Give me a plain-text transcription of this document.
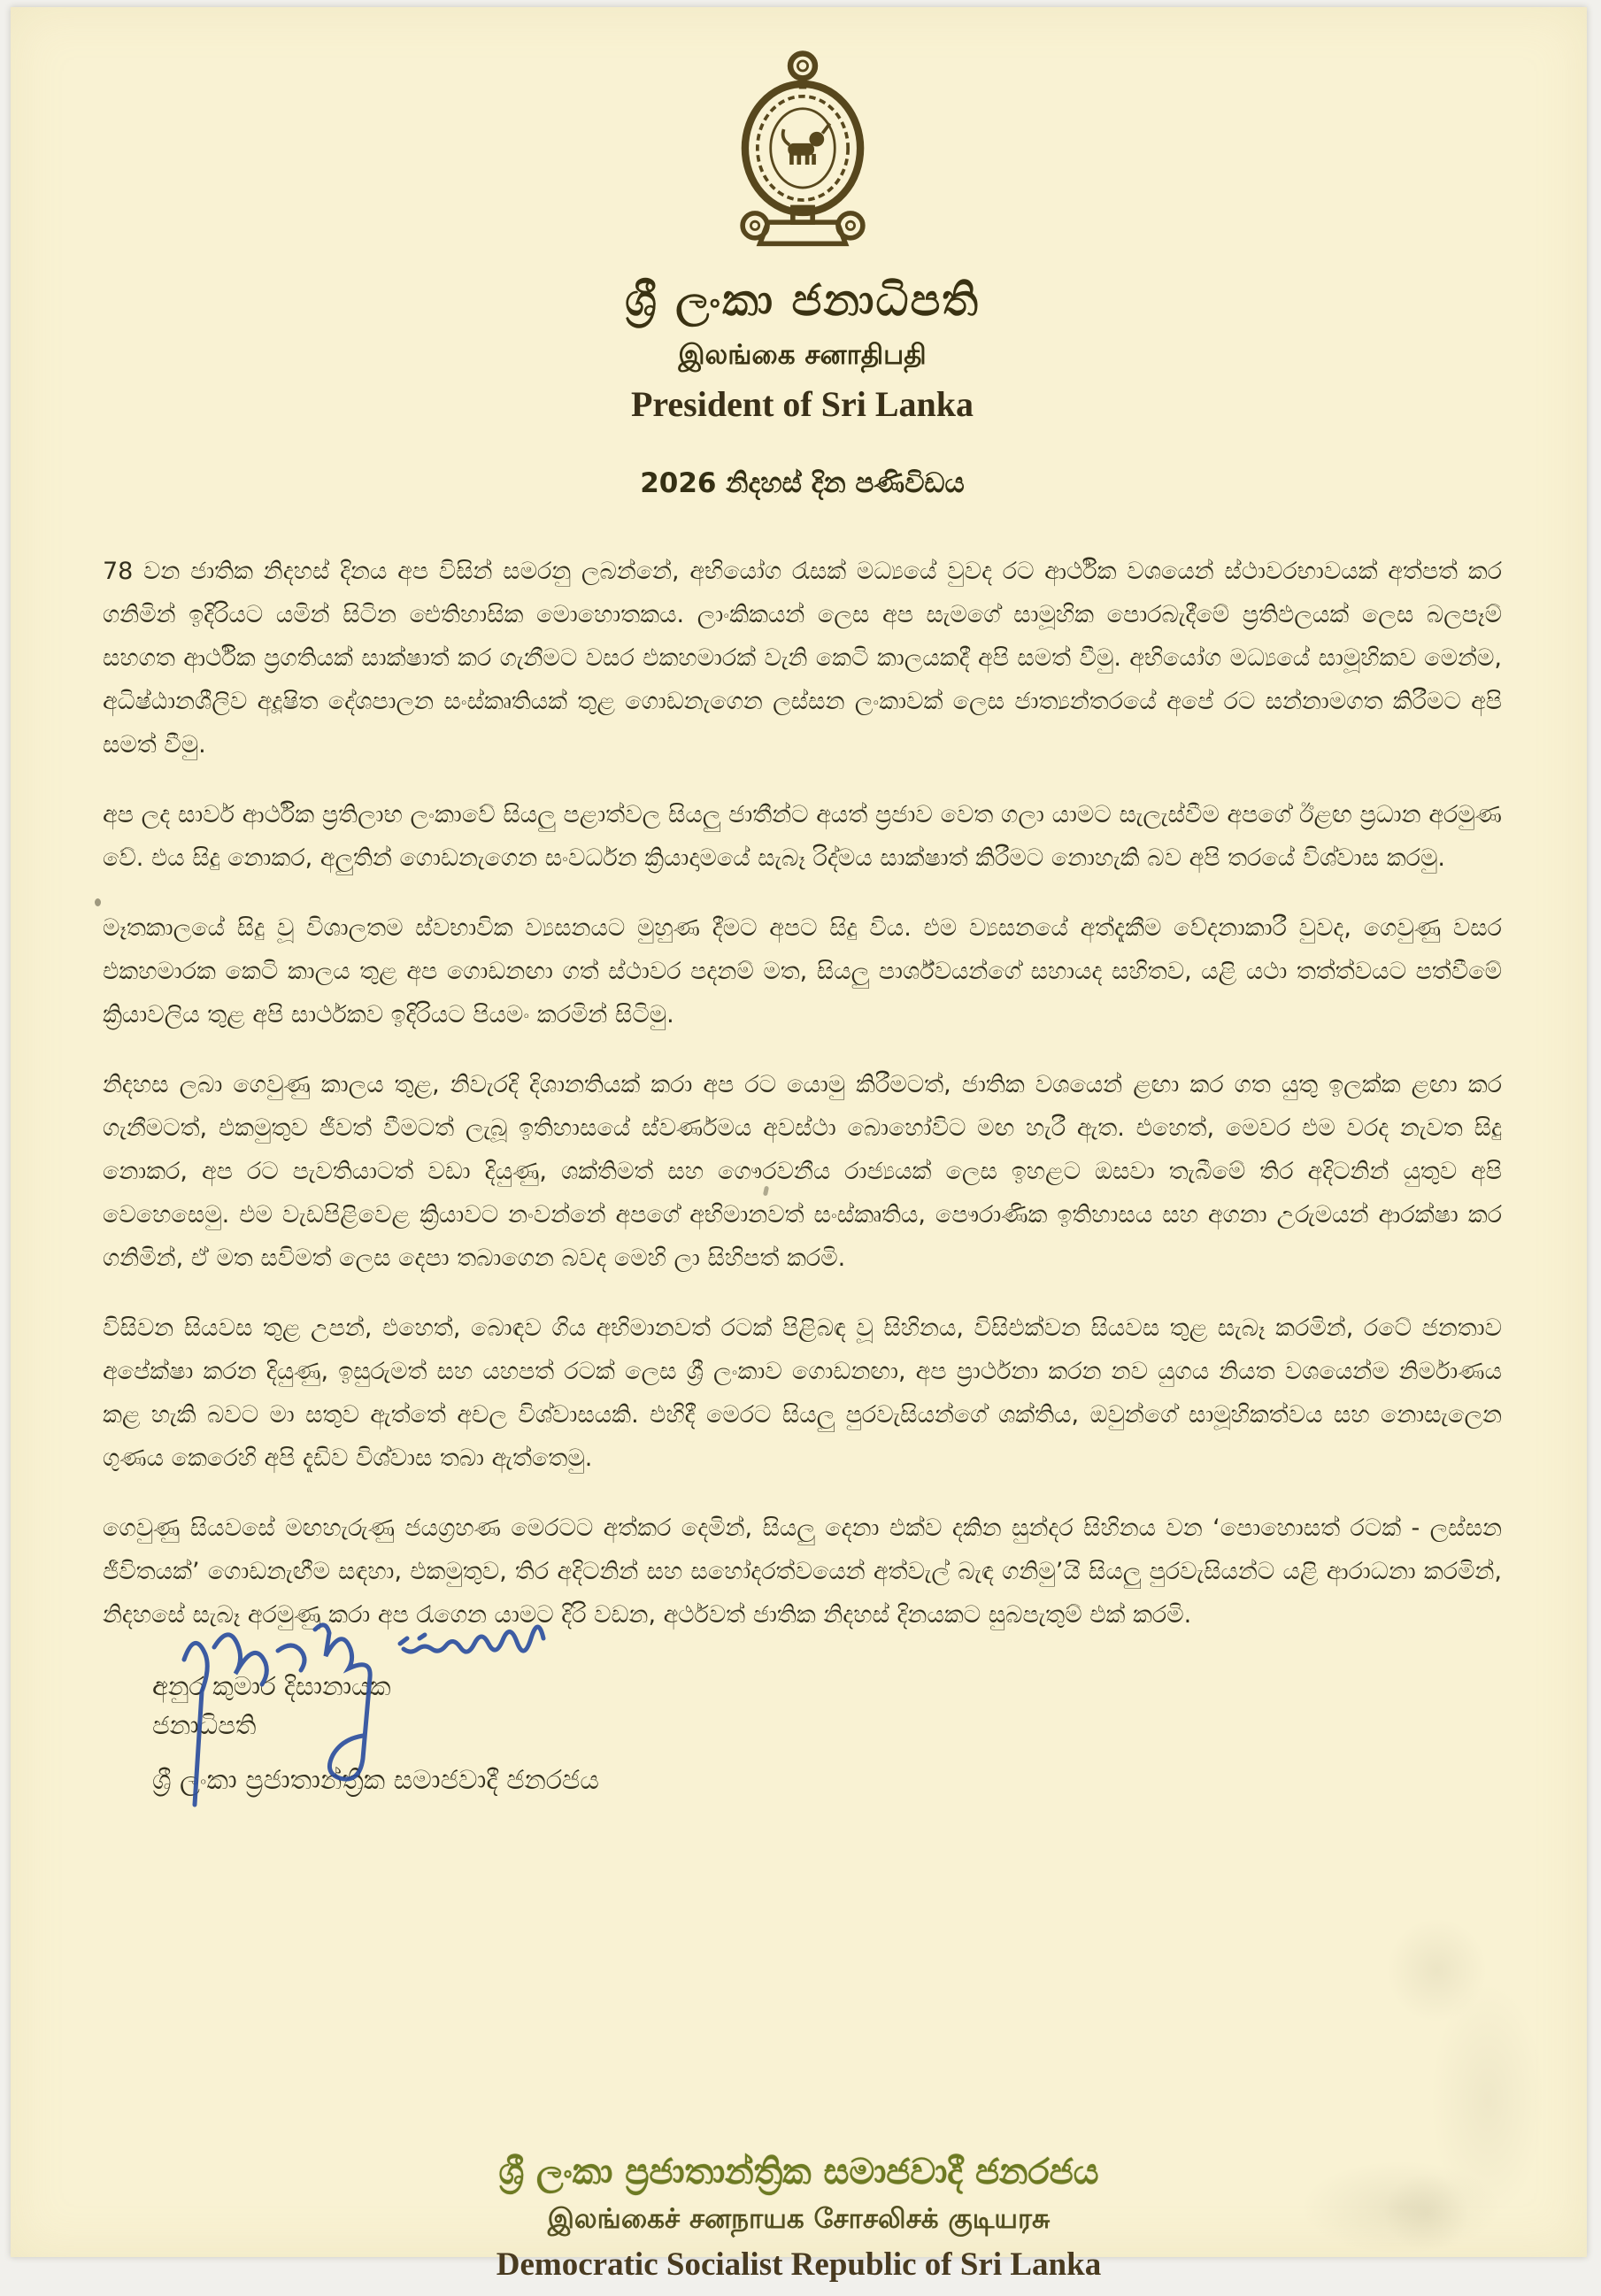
ශ්‍රී ලංකා ජනාධිපති
இலங்கை சனாதிபதி
President of Sri Lanka
2026 නිදහස් දින පණිවිඩය

78 වන ජාතික නිදහස් දිනය අප විසින් සමරනු ලබන්නේ, අභියෝග රැසක් මධ්‍යයේ වුවද රට ආර්ථික වශයෙන් ස්ථාවරභාවයක් අත්පත් කර ගනිමින් ඉදිරියට යමින් සිටින ඓතිහාසික මොහොතකය. ලාංකිකයන් ලෙස අප සැමගේ සාමූහික පොරබැදීමේ ප්‍රතිඵලයක් ලෙස බලපෑම් සහගත ආර්ථික ප්‍රගතියක් සාක්ෂාත් කර ගැනීමට වසර එකහමාරක් වැනි කෙටි කාලයකදී අපි සමත් වීමු. අභියෝග මධ්‍යයේ සාමූහිකව මෙන්ම, අධිෂ්ඨානශීලිව අදූෂිත දේශපාලන සංස්කෘතියක් තුළ ගොඩනැගෙන ලස්සන ලංකාවක් ලෙස ජාත්‍යන්තරයේ අපේ රට සන්නාමගත කිරීමට අපි සමත් වීමු.

අප ලද සාර්ව ආර්ථික ප්‍රතිලාභ ලංකාවේ සියලු පළාත්වල සියලු ජාතීන්ට අයත් ප්‍රජාව වෙත ගලා යාමට සැලැස්වීම අපගේ ඊළඟ ප්‍රධාන අරමුණ වේ. එය සිදු නොකර, අලුතින් ගොඩනැගෙන සංවර්ධන ක්‍රියාදාමයේ සැබෑ රිද්මය සාක්ෂාත් කිරීමට නොහැකි බව අපි තරයේ විශ්වාස කරමු.

මෑතකාලයේ සිදු වූ විශාලතම ස්වභාවික ව්‍යසනයට මුහුණ දීමට අපට සිදු විය. එම ව්‍යසනයේ අත්දැකීම වේදනාකාරී වුවද, ගෙවුණු වසර එකහමාරක කෙටි කාලය තුළ අප ගොඩනඟා ගත් ස්ථාවර පදනම් මත, සියලු පාර්ශ්වයන්ගේ සහායද සහිතව, යළි යථා තත්ත්වයට පත්වීමේ ක්‍රියාවලිය තුළ අපි සාර්ථකව ඉදිරියට පියමං කරමින් සිටිමු.

නිදහස ලබා ගෙවුණු කාලය තුළ, නිවැරදි දිශානතියක් කරා අප රට යොමු කිරීමටත්, ජාතික වශයෙන් ළඟා කර ගත යුතු ඉලක්ක ළඟා කර ගැනීමටත්, එකමුතුව ජීවත් වීමටත් ලැබූ ඉතිහාසයේ ස්වර්ණමය අවස්ථා බොහෝවිට මඟ හැරී ඇත. එහෙත්, මෙවර එම වරද නැවත සිදු නොකර, අප රට පැවතියාටත් වඩා දියුණු, ශක්තිමත් සහ ගෞරවනීය රාජ්‍යයක් ලෙස ඉහළට ඔසවා තැබීමේ තිර අදිටනින් යුතුව අපි වෙහෙසෙමු. එම වැඩපිළිවෙළ ක්‍රියාවට නංවන්නේ අපගේ අභිමානවත් සංස්කෘතිය, පෞරාණික ඉතිහාසය සහ අගනා උරුමයන් ආරක්ෂා කර ගනිමින්, ඒ මත සවිමත් ලෙස දෙපා තබාගෙන බවද මෙහි ලා සිහිපත් කරමි.

විසිවන සියවස තුළ උපන්, එහෙත්, බොඳව ගිය අභිමානවත් රටක් පිළිබඳ වූ සිහිනය, විසිඑක්වන සියවස තුළ සැබෑ කරමින්, රටේ ජනතාව අපේක්ෂා කරන දියුණු, ඉසුරුමත් සහ යහපත් රටක් ලෙස ශ්‍රී ලංකාව ගොඩනඟා, අප ප්‍රාර්ථනා කරන නව යුගය නියත වශයෙන්ම නිර්මාණය කළ හැකි බවට මා සතුව ඇත්තේ අචල විශ්වාසයකි. එහිදී මෙරට සියලු පුරවැසියන්ගේ ශක්තිය, ඔවුන්ගේ සාමූහිකත්වය සහ නොසැලෙන ගුණය කෙරෙහි අපි දැඩිව විශ්වාස තබා ඇත්තෙමු.

ගෙවුණු සියවසේ මඟහැරුණු ජයග්‍රහණ මෙරටට අත්කර දෙමින්, සියලු දෙනා එක්ව දකින සුන්දර සිහිනය වන ‘පොහොසත් රටක් - ලස්සන ජීවිතයක්’ ගොඩනැඟීම සඳහා, එකමුතුව, තිර අදිටනින් සහ සහෝදරත්වයෙන් අත්වැල් බැඳ ගනිමු’යි සියලු පුරවැසියන්ට යළි ආරාධනා කරමින්, නිදහසේ සැබෑ අරමුණු කරා අප රැගෙන යාමට දිරි වඩන, අර්ථවත් ජාතික නිදහස් දිනයකට සුබපැතුම් එක් කරමි.

අනුර කුමාර දිසානායක
ජනාධිපති
ශ්‍රී ලංකා ප්‍රජාතාන්ත්‍රික සමාජවාදී ජනරජය
ශ්‍රී ලංකා ප්‍රජාතාන්ත්‍රික සමාජවාදී ජනරජය
இலங்கைச் சனநாயக சோசலிசக் குடியரசு
Democratic Socialist Republic of Sri Lanka
